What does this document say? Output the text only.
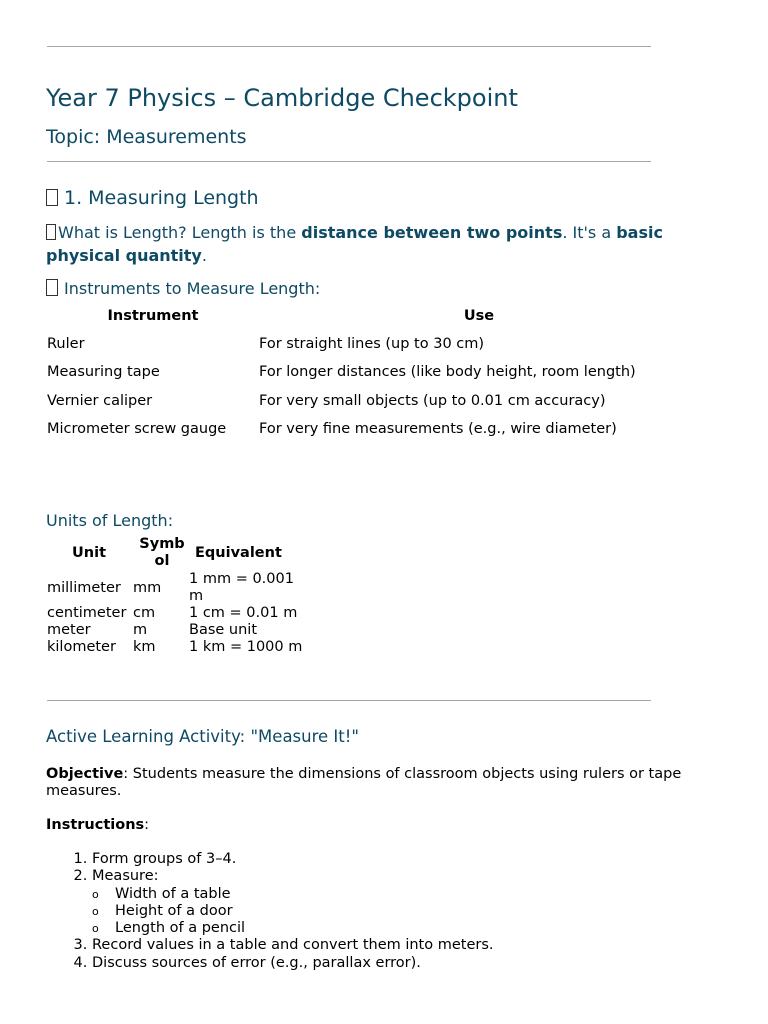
Year 7 Physics – Cambridge Checkpoint
Topic: Measurements
1. Measuring Length
What is Length? Length is the distance between two points. It's a basic physical quantity.
Instruments to Measure Length:
Instrument	Use
Ruler	For straight lines (up to 30 cm)
Measuring tape	For longer distances (like body height, room length)
Vernier caliper	For very small objects (up to 0.01 cm accuracy)
Micrometer screw gauge	For very fine measurements (e.g., wire diameter)
Units of Length:
Unit	Symbol	Equivalent
millimeter	mm	1 mm = 0.001 m
centimeter	cm	1 cm = 0.01 m
meter	m	Base unit
kilometer	km	1 km = 1000 m
Active Learning Activity: "Measure It!"
Objective: Students measure the dimensions of classroom objects using rulers or tape measures.
Instructions:
1. Form groups of 3–4.
2. Measure:
o Width of a table
o Height of a door
o Length of a pencil
3. Record values in a table and convert them into meters.
4. Discuss sources of error (e.g., parallax error).
